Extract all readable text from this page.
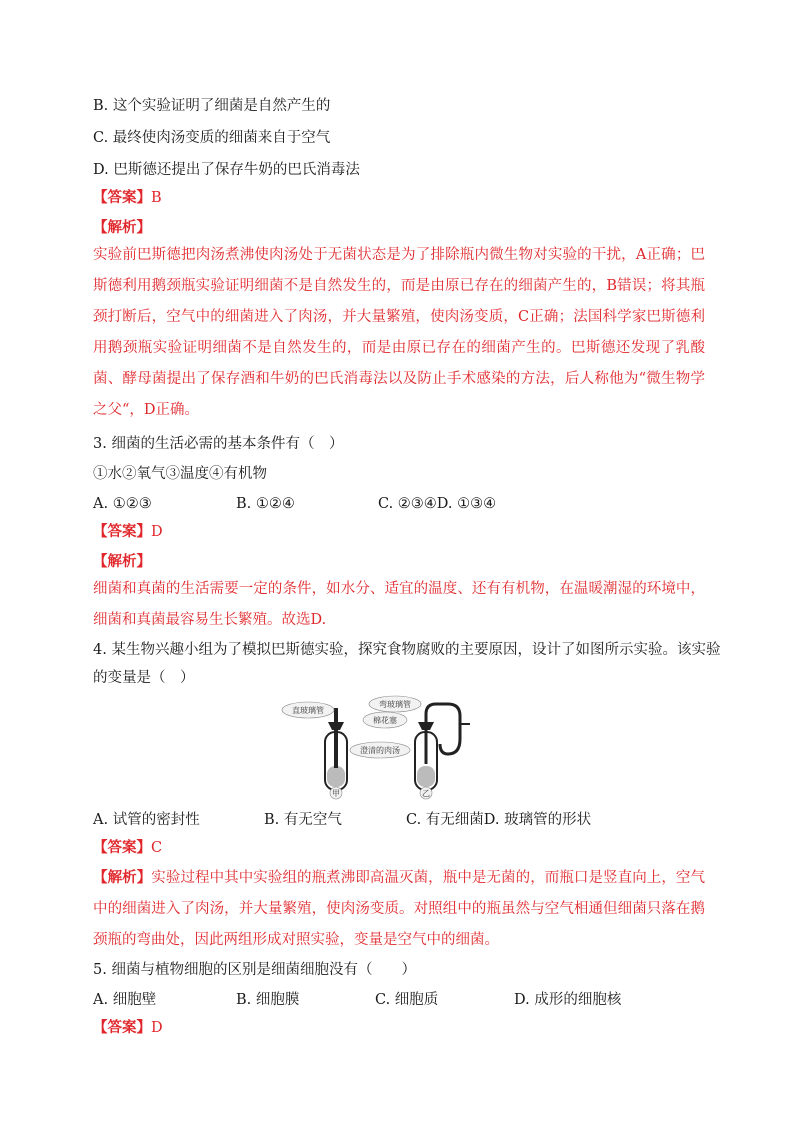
B. 这个实验证明了细菌是自然产生的
C. 最终使肉汤变质的细菌来自于空气
D. 巴斯德还提出了保存牛奶的巴氏消毒法
【答案】B
【解析】
实验前巴斯德把肉汤煮沸使肉汤处于无菌状态是为了排除瓶内微生物对实验的干扰，A正确；巴斯德利用鹅颈瓶实验证明细菌不是自然发生的，而是由原已存在的细菌产生的，B错误；将其瓶颈打断后，空气中的细菌进入了肉汤，并大量繁殖，使肉汤变质，C正确；法国科学家巴斯德利用鹅颈瓶实验证明细菌不是自然发生的，而是由原已存在的细菌产生的。巴斯德还发现了乳酸菌、酵母菌提出了保存酒和牛奶的巴氏消毒法以及防止手术感染的方法，后人称他为“微生物学之父“，D正确。
3. 细菌的生活必需的基本条件有（　）
①水②氧气③温度④有机物
A. ①②③	B. ①②④	C. ②③④D. ①③④
【答案】D
【解析】
细菌和真菌的生活需要一定的条件，如水分、适宜的温度、还有有机物，在温暖潮湿的环境中，细菌和真菌最容易生长繁殖。故选D.
4. 某生物兴趣小组为了模拟巴斯德实验，探究食物腐败的主要原因，设计了如图所示实验。该实验
的变量是（　）
直玻璃管
弯玻璃管
棉花塞
澄清的肉汤
甲	乙
A. 试管的密封性	B. 有无空气	C. 有无细菌D. 玻璃管的形状
【答案】C
【解析】实验过程中其中实验组的瓶煮沸即高温灭菌，瓶中是无菌的，而瓶口是竖直向上，空气中的细菌进入了肉汤，并大量繁殖，使肉汤变质。对照组中的瓶虽然与空气相通但细菌只落在鹅颈瓶的弯曲处，因此两组形成对照实验，变量是空气中的细菌。
5. 细菌与植物细胞的区别是细菌细胞没有（　　）
A. 细胞壁	B. 细胞膜	C. 细胞质	D. 成形的细胞核
【答案】D
